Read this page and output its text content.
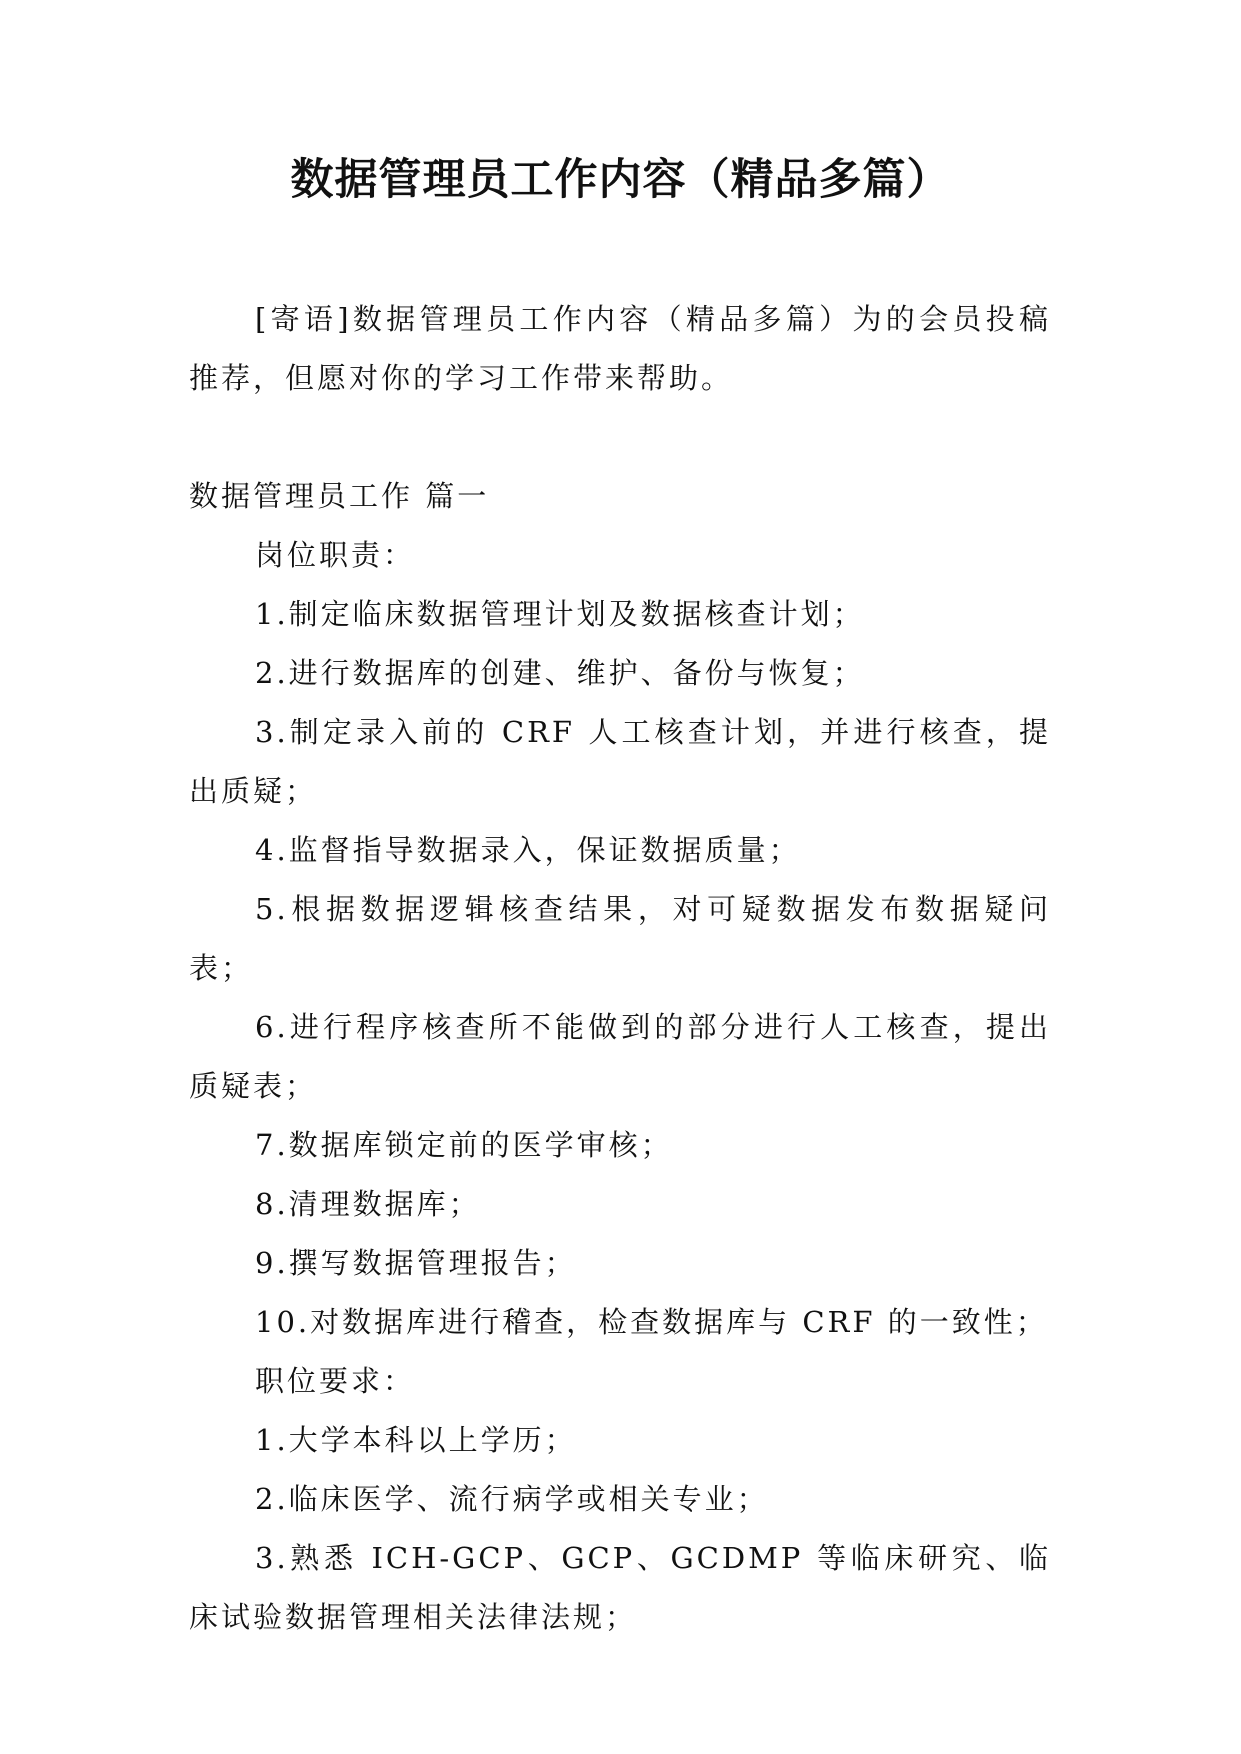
数据管理员工作内容（精品多篇）

[寄语]数据管理员工作内容（精品多篇）为的会员投稿推荐，但愿对你的学习工作带来帮助。

数据管理员工作 篇一

岗位职责：

1.制定临床数据管理计划及数据核查计划；

2.进行数据库的创建、维护、备份与恢复；

3.制定录入前的 CRF 人工核查计划，并进行核查，提出质疑；

4.监督指导数据录入，保证数据质量；

5.根据数据逻辑核查结果，对可疑数据发布数据疑问表；

6.进行程序核查所不能做到的部分进行人工核查，提出质疑表；

7.数据库锁定前的医学审核；

8.清理数据库；

9.撰写数据管理报告；

10.对数据库进行稽查，检查数据库与 CRF 的一致性；

职位要求：

1.大学本科以上学历；

2.临床医学、流行病学或相关专业；

3.熟悉 ICH-GCP、GCP、GCDMP 等临床研究、临床试验数据管理相关法律法规；
